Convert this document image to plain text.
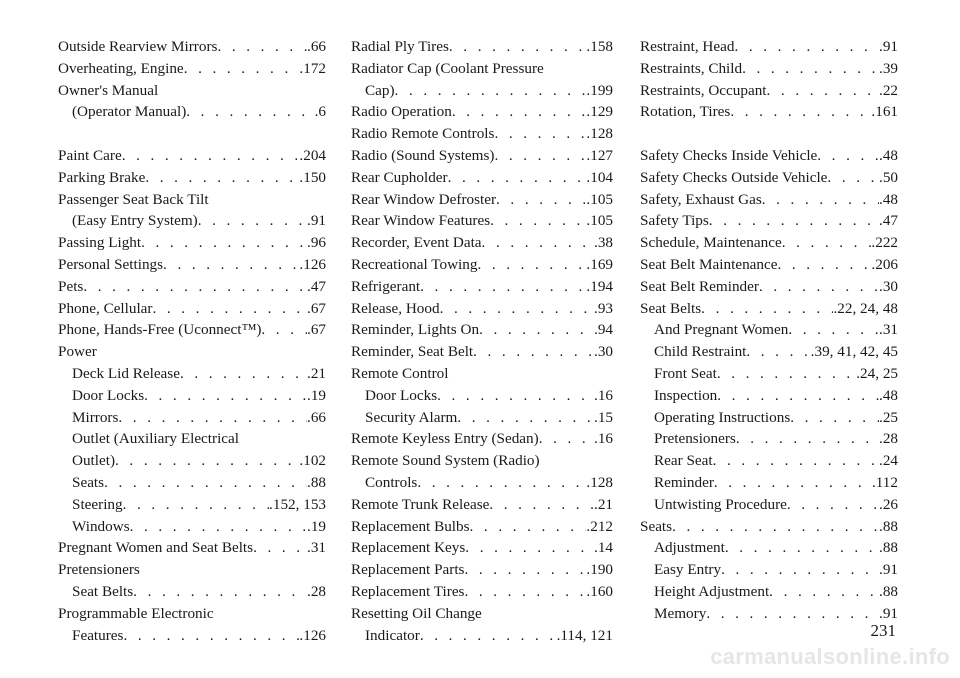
Outside Rearview Mirrors . . .	.66
Overheating, Engine . . .	.172
Owner's Manual
(Operator Manual) . . .	.6
Paint Care . . .	.204
Parking Brake . . .	.150
Passenger Seat Back Tilt
(Easy Entry System) . . .	.91
Passing Light . . .	.96
Personal Settings . . .	.126
Pets . . .	.47
Phone, Cellular . . .	.67
Phone, Hands-Free (Uconnect™) . . .	.67
Power
Deck Lid Release . . .	.21
Door Locks . . .	.19
Mirrors . . .	.66
Outlet (Auxiliary Electrical
Outlet) . . .	.102
Seats . . .	.88
Steering . . .	.152, 153
Windows . . .	.19
Pregnant Women and Seat Belts . . .	.31
Pretensioners
Seat Belts . . .	.28
Programmable Electronic
Features . . .	.126
Radial Ply Tires . . .	.158
Radiator Cap (Coolant Pressure
Cap) . . .	.199
Radio Operation . . .	.129
Radio Remote Controls . . .	.128
Radio (Sound Systems) . . .	.127
Rear Cupholder . . .	.104
Rear Window Defroster . . .	.105
Rear Window Features . . .	.105
Recorder, Event Data . . .	.38
Recreational Towing . . .	.169
Refrigerant . . .	.194
Release, Hood . . .	.93
Reminder, Lights On . . .	.94
Reminder, Seat Belt . . .	.30
Remote Control
Door Locks . . .	.16
Security Alarm . . .	.15
Remote Keyless Entry (Sedan) . . .	.16
Remote Sound System (Radio)
Controls . . .	.128
Remote Trunk Release . . .	.21
Replacement Bulbs . . .	.212
Replacement Keys . . .	.14
Replacement Parts . . .	.190
Replacement Tires . . .	.160
Resetting Oil Change
Indicator . . .	.114, 121
Restraint, Head . . .	.91
Restraints, Child . . .	.39
Restraints, Occupant . . .	.22
Rotation, Tires . . .	.161
Safety Checks Inside Vehicle . . .	.48
Safety Checks Outside Vehicle . . .	.50
Safety, Exhaust Gas . . .	.48
Safety Tips . . .	.47
Schedule, Maintenance . . .	.222
Seat Belt Maintenance . . .	.206
Seat Belt Reminder . . .	.30
Seat Belts . . .	.22, 24, 48
And Pregnant Women . . .	.31
Child Restraint . . .	.39, 41, 42, 45
Front Seat . . .	.24, 25
Inspection . . .	.48
Operating Instructions . . .	.25
Pretensioners . . .	.28
Rear Seat . . .	.24
Reminder . . .	.112
Untwisting Procedure . . .	.26
Seats . . .	.88
Adjustment . . .	.88
Easy Entry . . .	.91
Height Adjustment . . .	.88
Memory . . .	.91
231
carmanualsonline.info
